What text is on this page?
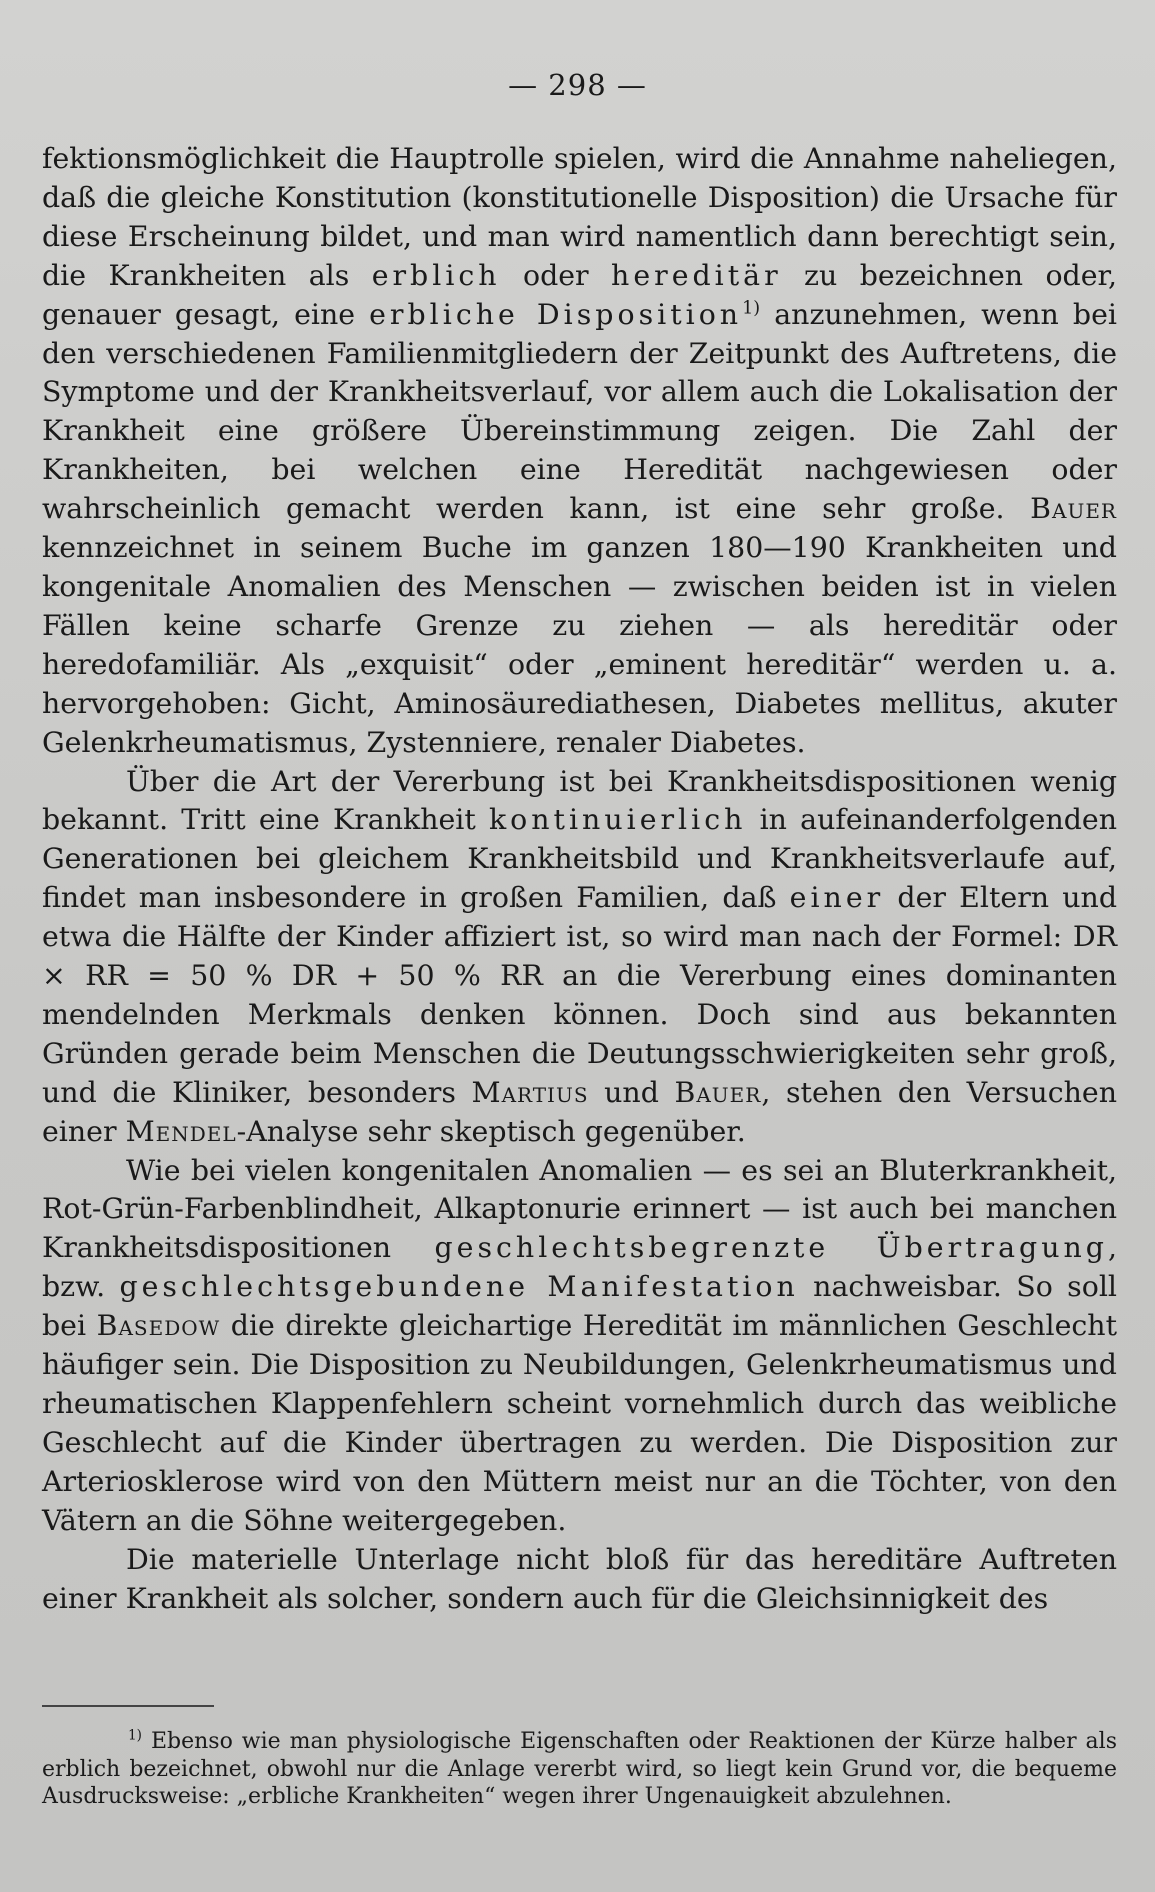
— 298 —

fektionsmöglichkeit die Hauptrolle spielen, wird die Annahme naheliegen, daß die gleiche Konstitution (konstitutionelle Disposition) die Ursache für diese Erscheinung bildet, und man wird namentlich dann berechtigt sein, die Krankheiten als erblich oder hereditär zu bezeichnen oder, genauer gesagt, eine erbliche Disposition$^{1)}$ anzunehmen, wenn bei den verschiedenen Familienmitgliedern der Zeitpunkt des Auftretens, die Symptome und der Krankheitsverlauf, vor allem auch die Lokalisation der Krankheit eine größere Übereinstimmung zeigen. Die Zahl der Krankheiten, bei welchen eine Heredität nachgewiesen oder wahrscheinlich gemacht werden kann, ist eine sehr große. Bauer kennzeichnet in seinem Buche im ganzen 180—190 Krankheiten und kongenitale Anomalien des Menschen — zwischen beiden ist in vielen Fällen keine scharfe Grenze zu ziehen — als hereditär oder heredofamiliär. Als „exquisit“ oder „eminent hereditär“ werden u. a. hervorgehoben: Gicht, Aminosäurediathesen, Diabetes mellitus, akuter Gelenkrheumatismus, Zystenniere, renaler Diabetes.

Über die Art der Vererbung ist bei Krankheitsdispositionen wenig bekannt. Tritt eine Krankheit kontinuierlich in aufeinanderfolgenden Generationen bei gleichem Krankheitsbild und Krankheitsverlaufe auf, findet man insbesondere in großen Familien, daß einer der Eltern und etwa die Hälfte der Kinder affiziert ist, so wird man nach der Formel: DR × RR = 50 % DR + 50 % RR an die Vererbung eines dominanten mendelnden Merkmals denken können. Doch sind aus bekannten Gründen gerade beim Menschen die Deutungsschwierigkeiten sehr groß, und die Kliniker, besonders Martius und Bauer, stehen den Versuchen einer Mendel-Analyse sehr skeptisch gegenüber.

Wie bei vielen kongenitalen Anomalien — es sei an Bluterkrankheit, Rot-Grün-Farbenblindheit, Alkaptonurie erinnert — ist auch bei manchen Krankheitsdispositionen geschlechtsbegrenzte Übertragung, bzw. geschlechtsgebundene Manifestation nachweisbar. So soll bei Basedow die direkte gleichartige Heredität im männlichen Geschlecht häufiger sein. Die Disposition zu Neubildungen, Gelenkrheumatismus und rheumatischen Klappenfehlern scheint vornehmlich durch das weibliche Geschlecht auf die Kinder übertragen zu werden. Die Disposition zur Arteriosklerose wird von den Müttern meist nur an die Töchter, von den Vätern an die Söhne weitergegeben.

Die materielle Unterlage nicht bloß für das hereditäre Auftreten einer Krankheit als solcher, sondern auch für die Gleichsinnigkeit des

$^{1)}$ Ebenso wie man physiologische Eigenschaften oder Reaktionen der Kürze halber als erblich bezeichnet, obwohl nur die Anlage vererbt wird, so liegt kein Grund vor, die bequeme Ausdrucksweise: „erbliche Krankheiten“ wegen ihrer Ungenauigkeit abzulehnen.
